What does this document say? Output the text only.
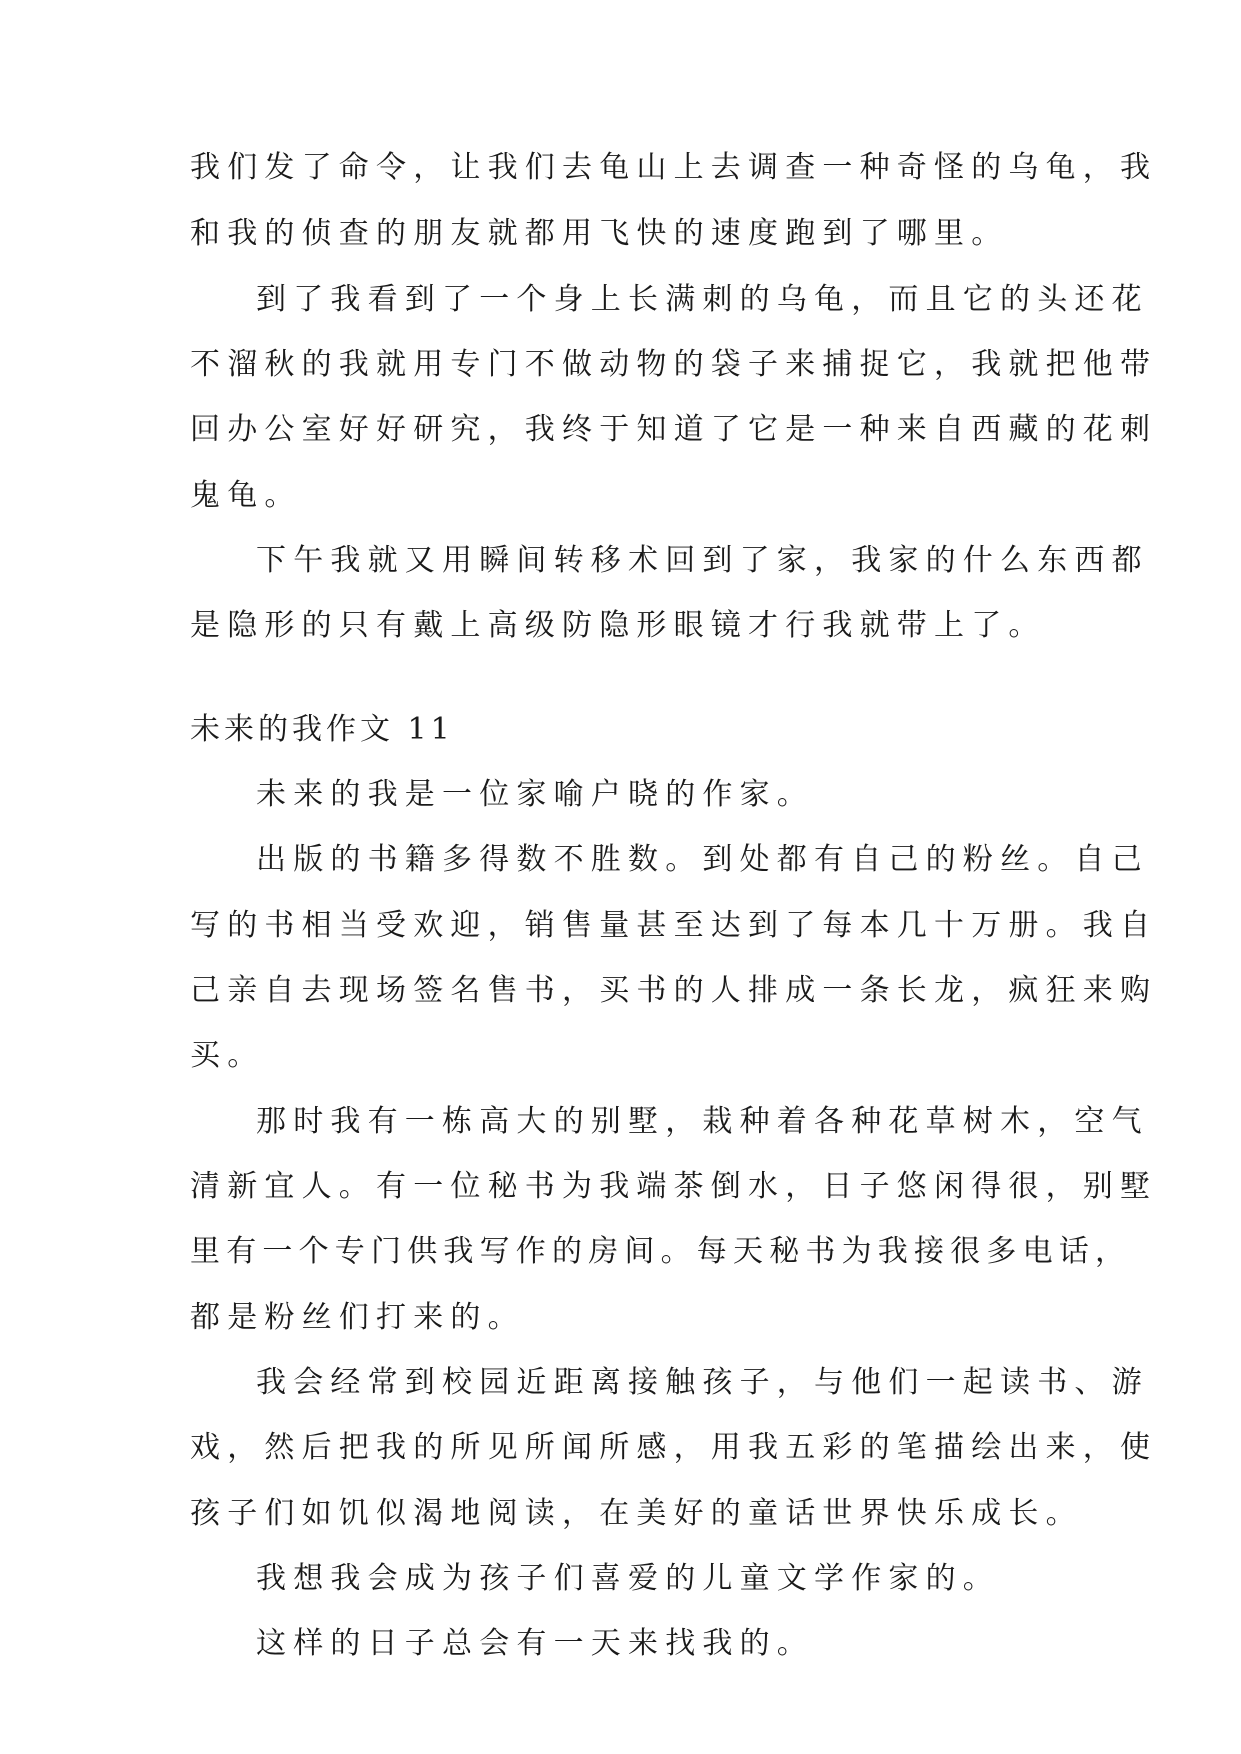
我们发了命令，让我们去龟山上去调查一种奇怪的乌龟，我
和我的侦查的朋友就都用飞快的速度跑到了哪里。
到了我看到了一个身上长满刺的乌龟，而且它的头还花
不溜秋的我就用专门不做动物的袋子来捕捉它，我就把他带
回办公室好好研究，我终于知道了它是一种来自西藏的花刺
鬼龟。
下午我就又用瞬间转移术回到了家，我家的什么东西都
是隐形的只有戴上高级防隐形眼镜才行我就带上了。
未来的我作文 11
未来的我是一位家喻户晓的作家。
出版的书籍多得数不胜数。到处都有自己的粉丝。自己
写的书相当受欢迎，销售量甚至达到了每本几十万册。我自
己亲自去现场签名售书，买书的人排成一条长龙，疯狂来购
买。
那时我有一栋高大的别墅，栽种着各种花草树木，空气
清新宜人。有一位秘书为我端茶倒水，日子悠闲得很，别墅
里有一个专门供我写作的房间。每天秘书为我接很多电话，
都是粉丝们打来的。
我会经常到校园近距离接触孩子，与他们一起读书、游
戏，然后把我的所见所闻所感，用我五彩的笔描绘出来，使
孩子们如饥似渴地阅读，在美好的童话世界快乐成长。
我想我会成为孩子们喜爱的儿童文学作家的。
这样的日子总会有一天来找我的。
